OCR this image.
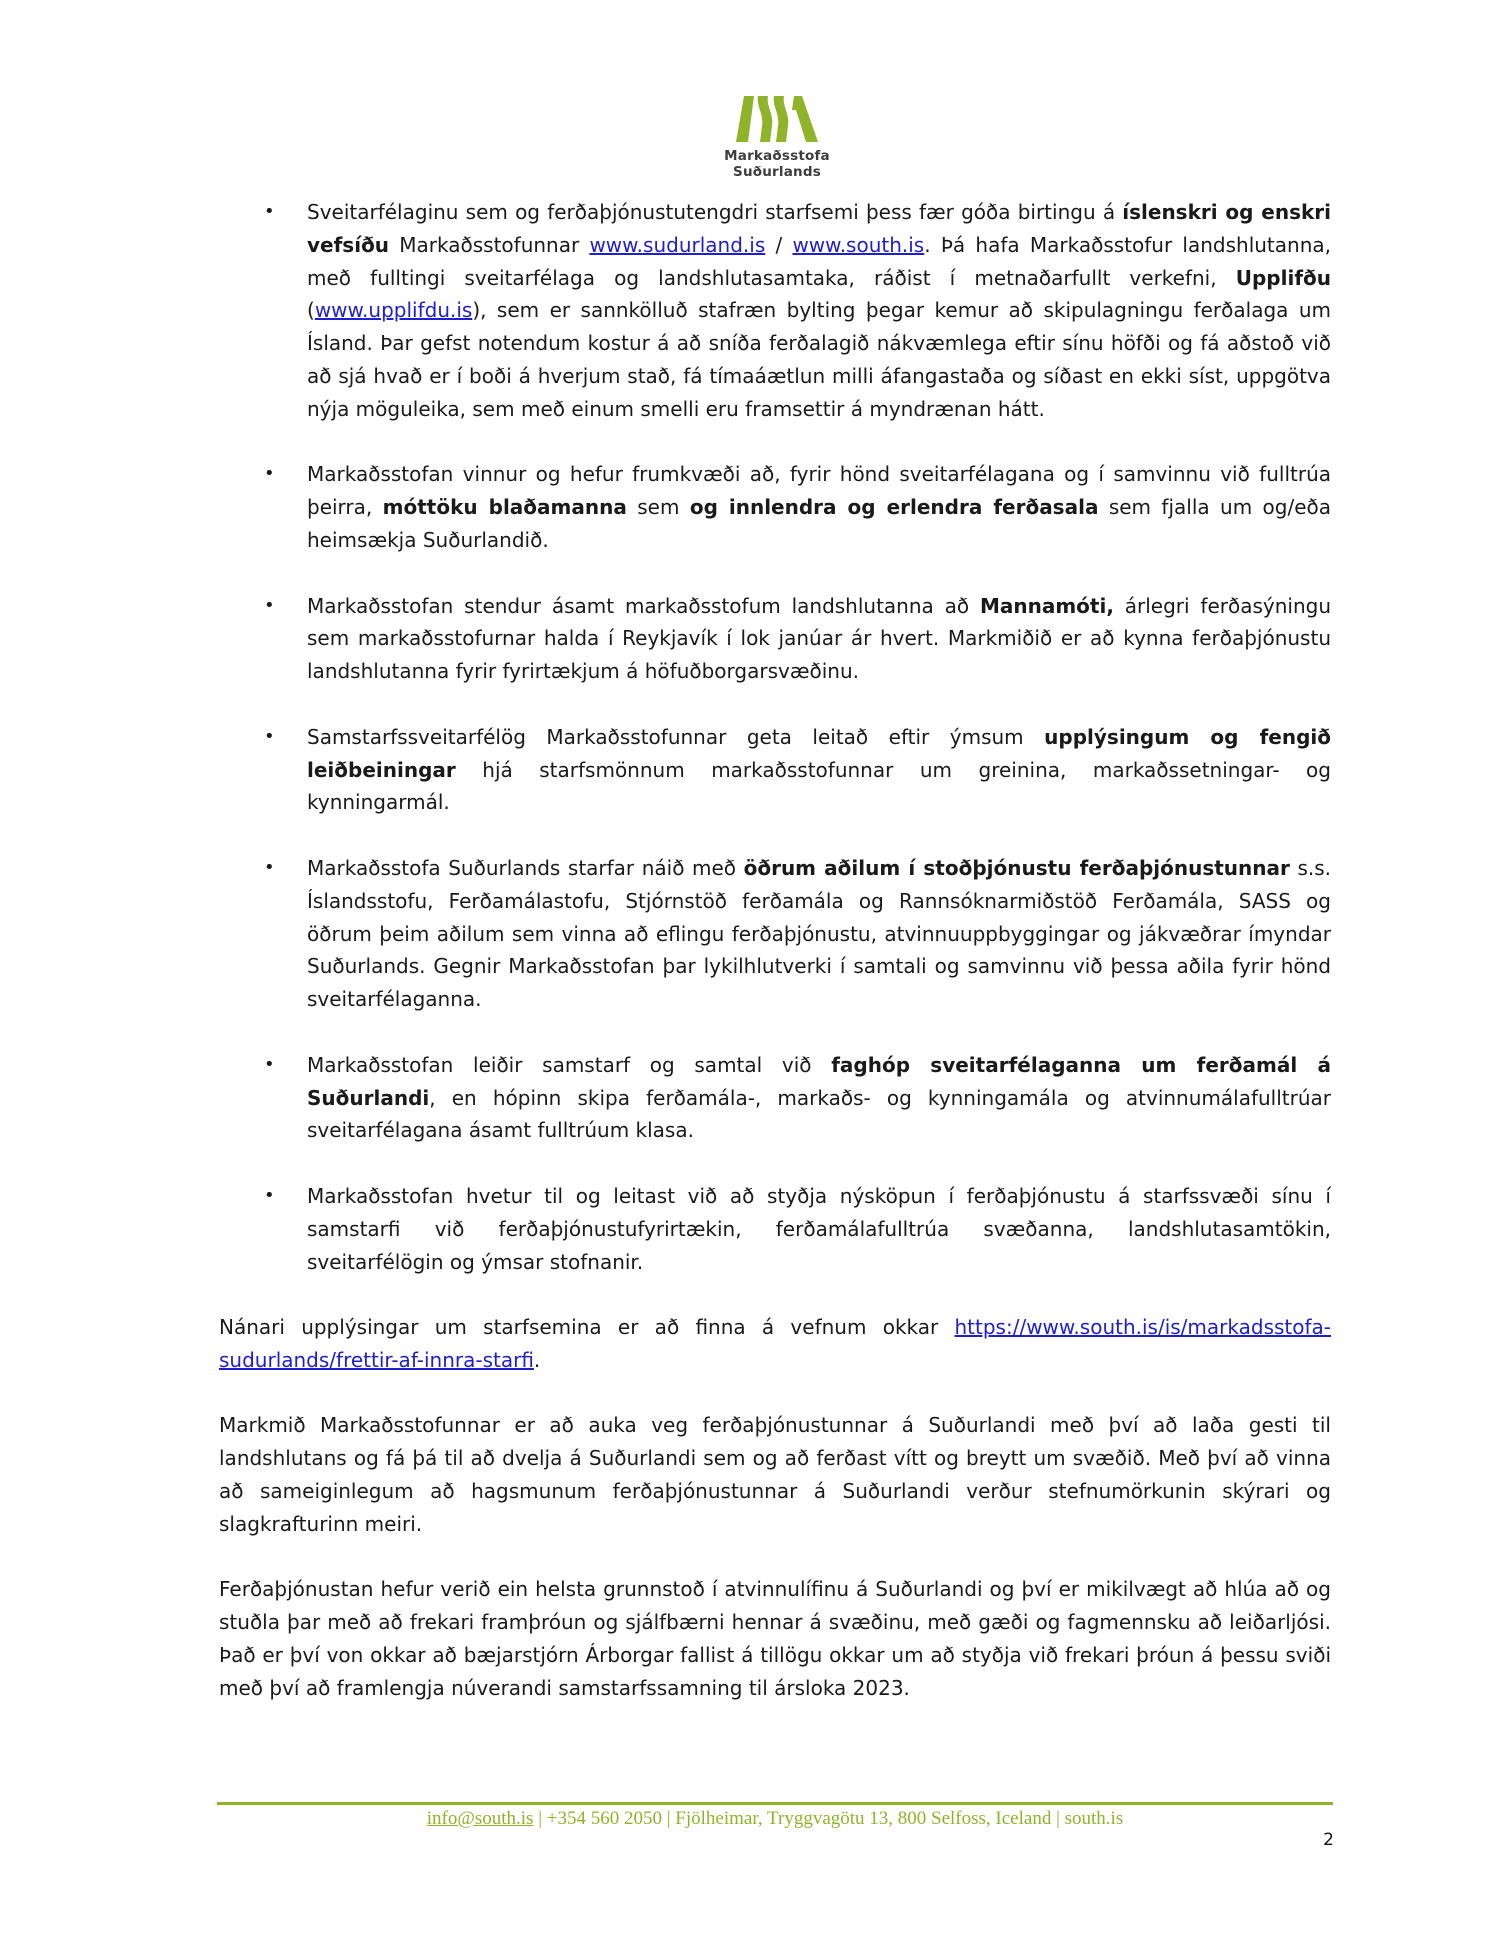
Markaðsstofa
Suðurlands
• Sveitarfélaginu sem og ferðaþjónustutengdri starfsemi þess fær góða birtingu á íslenskri og enskri vefsíðu Markaðsstofunnar www.sudurland.is / www.south.is. Þá hafa Markaðsstofur landshlutanna, með fulltingi sveitarfélaga og landshlutasamtaka, ráðist í metnaðarfullt verkefni, Upplifðu (www.upplifdu.is), sem er sannkölluð stafræn bylting þegar kemur að skipulagningu ferðalaga um Ísland. Þar gefst notendum kostur á að sníða ferðalagið nákvæmlega eftir sínu höfði og fá aðstoð við að sjá hvað er í boði á hverjum stað, fá tímaáætlun milli áfangastaða og síðast en ekki síst, uppgötva nýja möguleika, sem með einum smelli eru framsettir á myndrænan hátt.
• Markaðsstofan vinnur og hefur frumkvæði að, fyrir hönd sveitarfélagana og í samvinnu við fulltrúa þeirra, móttöku blaðamanna sem og innlendra og erlendra ferðasala sem fjalla um og/eða heimsækja Suðurlandið.
• Markaðsstofan stendur ásamt markaðsstofum landshlutanna að Mannamóti, árlegri ferðasýningu sem markaðsstofurnar halda í Reykjavík í lok janúar ár hvert. Markmiðið er að kynna ferðaþjónustu landshlutanna fyrir fyrirtækjum á höfuðborgarsvæðinu.
• Samstarfssveitarfélög Markaðsstofunnar geta leitað eftir ýmsum upplýsingum og fengið leiðbeiningar hjá starfsmönnum markaðsstofunnar um greinina, markaðssetningar- og kynningarmál.
• Markaðsstofa Suðurlands starfar náið með öðrum aðilum í stoðþjónustu ferðaþjónustunnar s.s. Íslandsstofu, Ferðamálastofu, Stjórnstöð ferðamála og Rannsóknarmiðstöð Ferðamála, SASS og öðrum þeim aðilum sem vinna að eflingu ferðaþjónustu, atvinnuuppbyggingar og jákvæðrar ímyndar Suðurlands. Gegnir Markaðsstofan þar lykilhlutverki í samtali og samvinnu við þessa aðila fyrir hönd sveitarfélaganna.
• Markaðsstofan leiðir samstarf og samtal við faghóp sveitarfélaganna um ferðamál á Suðurlandi, en hópinn skipa ferðamála-, markaðs- og kynningamála og atvinnumálafulltrúar sveitarfélagana ásamt fulltrúum klasa.
• Markaðsstofan hvetur til og leitast við að styðja nýsköpun í ferðaþjónustu á starfssvæði sínu í samstarfi við ferðaþjónustufyrirtækin, ferðamálafulltrúa svæðanna, landshlutasamtökin, sveitarfélögin og ýmsar stofnanir.

Nánari upplýsingar um starfsemina er að finna á vefnum okkar https://www.south.is/is/markadsstofa-sudurlands/frettir-af-innra-starfi.

Markmið Markaðsstofunnar er að auka veg ferðaþjónustunnar á Suðurlandi með því að laða gesti til landshlutans og fá þá til að dvelja á Suðurlandi sem og að ferðast vítt og breytt um svæðið. Með því að vinna að sameiginlegum að hagsmunum ferðaþjónustunnar á Suðurlandi verður stefnumörkunin skýrari og slagkrafturinn meiri.

Ferðaþjónustan hefur verið ein helsta grunnstoð í atvinnulífinu á Suðurlandi og því er mikilvægt að hlúa að og stuðla þar með að frekari framþróun og sjálfbærni hennar á svæðinu, með gæði og fagmennsku að leiðarljósi. Það er því von okkar að bæjarstjórn Árborgar fallist á tillögu okkar um að styðja við frekari þróun á þessu sviði með því að framlengja núverandi samstarfssamning til ársloka 2023.

info@south.is | +354 560 2050 | Fjölheimar, Tryggvagötu 13, 800 Selfoss, Iceland | south.is
2
